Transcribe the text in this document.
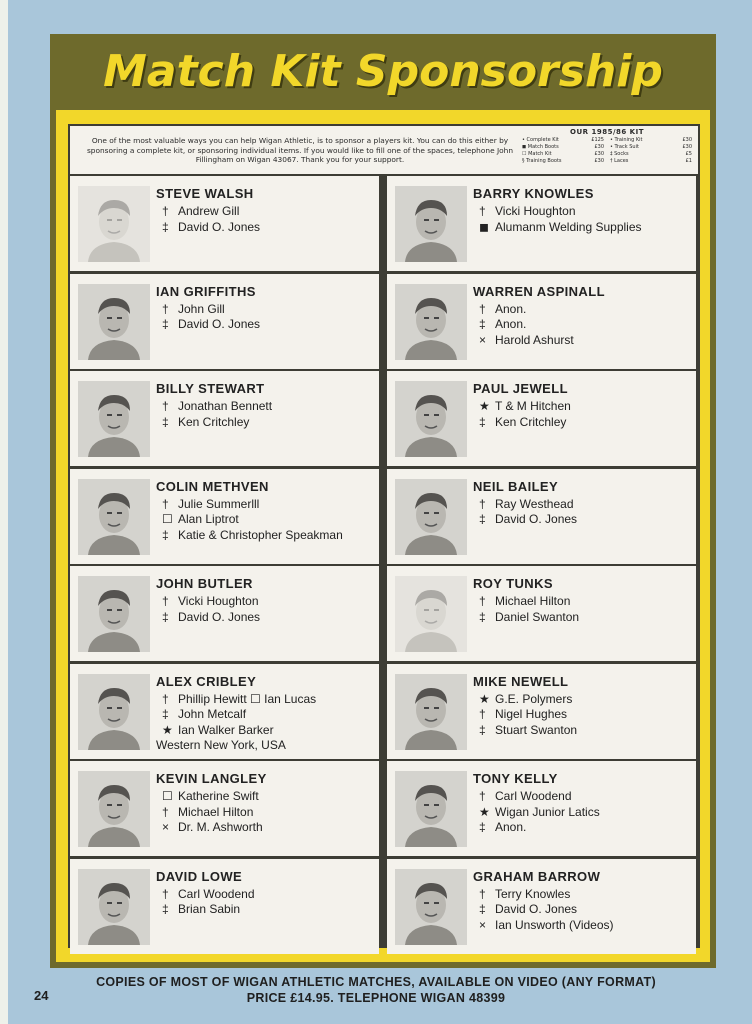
Match Kit Sponsorship

One of the most valuable ways you can help Wigan Athletic, is to sponsor a players kit. You can do this either by sponsoring a complete kit, or sponsoring individual items. If you would like to fill one of the spaces, telephone John Fillingham on Wigan 43067. Thank you for your support.

OUR 1985/86 KIT

• Complete Kit	£125 • Training Kit	£30
◼ Match Boots	£30 • Track Suit	£30
☐ Match Kit	£30 ‡ Socks	£5
§ Training Boots	£30 † Laces	£1
STEVE WALSH
† Andrew Gill
‡ David O. Jones
BARRY KNOWLES
† Vicki Houghton
◼ Alumanm Welding Supplies
IAN GRIFFITHS
† John Gill
‡ David O. Jones
WARREN ASPINALL
† Anon.
‡ Anon.
× Harold Ashurst
BILLY STEWART
† Jonathan Bennett
‡ Ken Critchley
PAUL JEWELL
★ T & M Hitchen
‡ Ken Critchley
COLIN METHVEN
† Julie Summerlll
☐ Alan Liptrot
‡ Katie & Christopher Speakman
NEIL BAILEY
† Ray Westhead
‡ David O. Jones
JOHN BUTLER
† Vicki Houghton
‡ David O. Jones
ROY TUNKS
† Michael Hilton
‡ Daniel Swanton
ALEX CRIBLEY
† Phillip Hewitt ☐ Ian Lucas
‡ John Metcalf
★ Ian Walker Barker
Western New York, USA
MIKE NEWELL
★ G.E. Polymers
† Nigel Hughes
‡ Stuart Swanton
KEVIN LANGLEY
☐ Katherine Swift
† Michael Hilton
× Dr. M. Ashworth
TONY KELLY
† Carl Woodend
★ Wigan Junior Latics
‡ Anon.
DAVID LOWE
† Carl Woodend
‡ Brian Sabin
GRAHAM BARROW
† Terry Knowles
‡ David O. Jones
× Ian Unsworth (Videos)
COPIES OF MOST OF WIGAN ATHLETIC MATCHES, AVAILABLE ON VIDEO (ANY FORMAT)
PRICE £14.95. TELEPHONE WIGAN 48399
24
